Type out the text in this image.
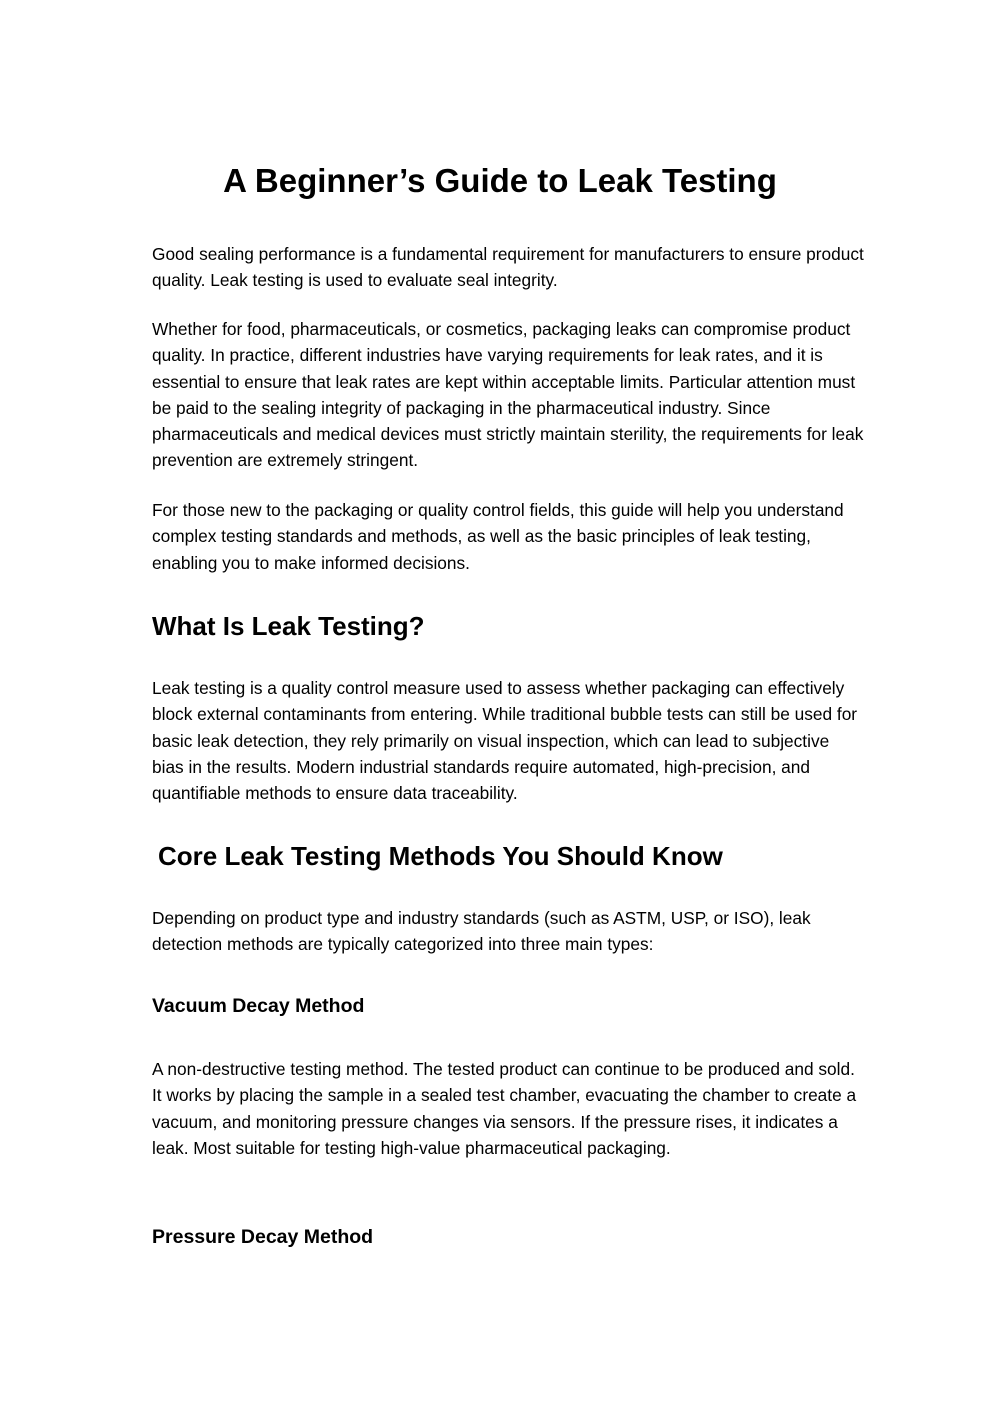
A Beginner’s Guide to Leak Testing

Good sealing performance is a fundamental requirement for manufacturers to ensure product quality. Leak testing is used to evaluate seal integrity.

Whether for food, pharmaceuticals, or cosmetics, packaging leaks can compromise product quality. In practice, different industries have varying requirements for leak rates, and it is essential to ensure that leak rates are kept within acceptable limits. Particular attention must be paid to the sealing integrity of packaging in the pharmaceutical industry. Since pharmaceuticals and medical devices must strictly maintain sterility, the requirements for leak prevention are extremely stringent.

For those new to the packaging or quality control fields, this guide will help you understand complex testing standards and methods, as well as the basic principles of leak testing, enabling you to make informed decisions.

What Is Leak Testing?

Leak testing is a quality control measure used to assess whether packaging can effectively block external contaminants from entering. While traditional bubble tests can still be used for basic leak detection, they rely primarily on visual inspection, which can lead to subjective bias in the results. Modern industrial standards require automated, high-precision, and quantifiable methods to ensure data traceability.

Core Leak Testing Methods You Should Know

Depending on product type and industry standards (such as ASTM, USP, or ISO), leak detection methods are typically categorized into three main types:

Vacuum Decay Method

A non-destructive testing method. The tested product can continue to be produced and sold. It works by placing the sample in a sealed test chamber, evacuating the chamber to create a vacuum, and monitoring pressure changes via sensors. If the pressure rises, it indicates a leak. Most suitable for testing high-value pharmaceutical packaging.

Pressure Decay Method
